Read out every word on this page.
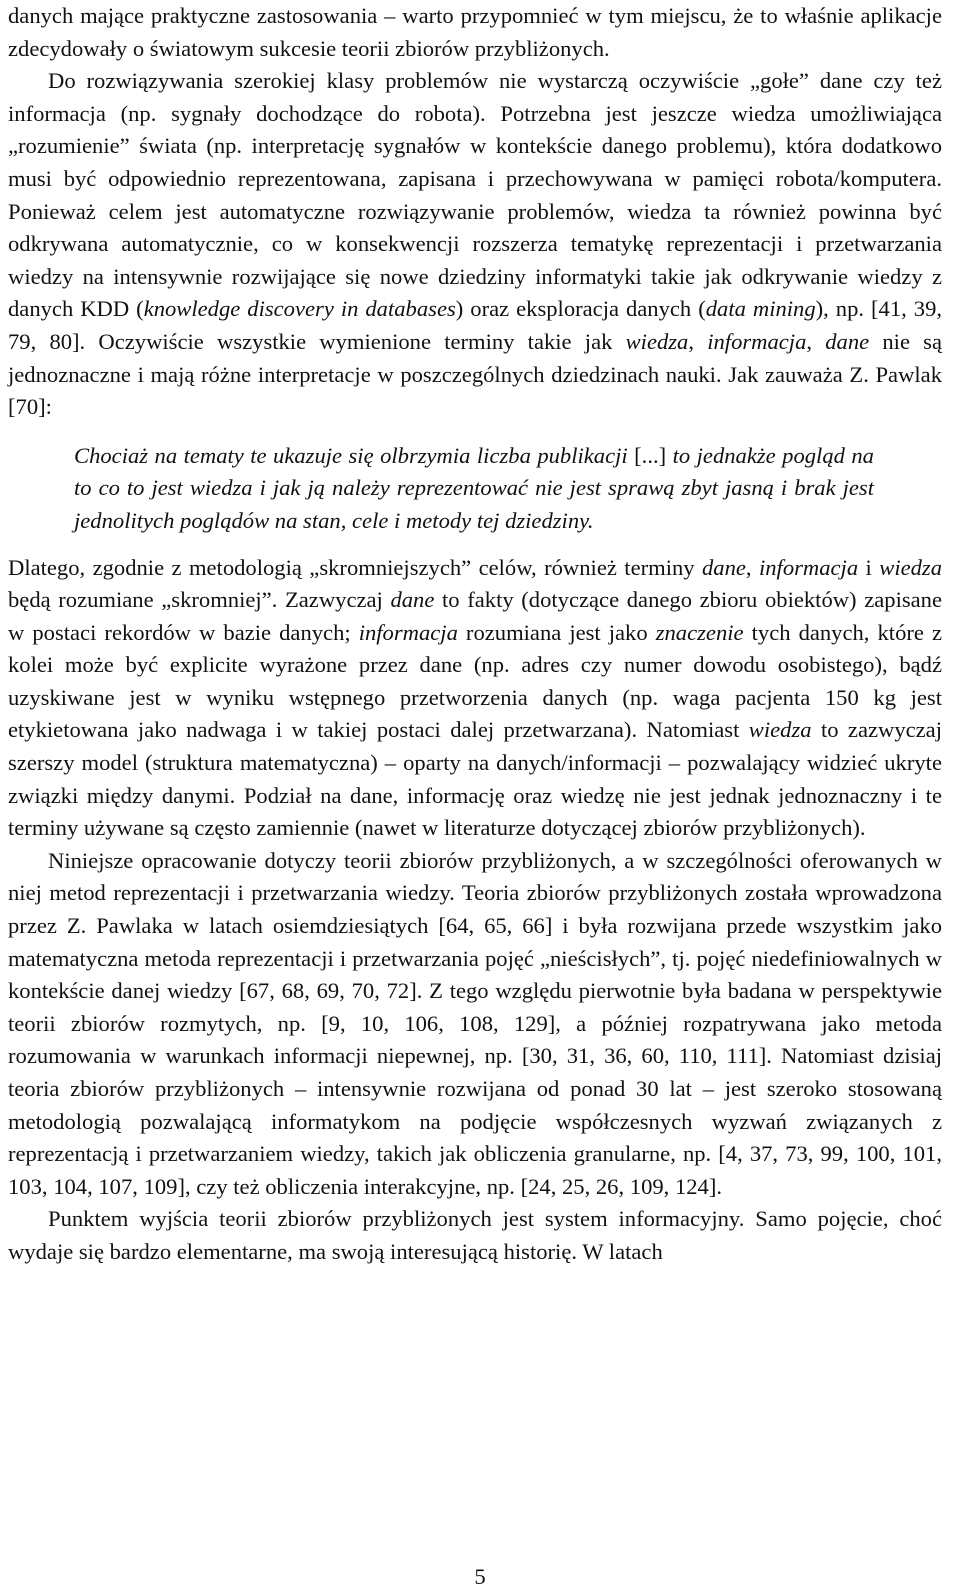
danych mające praktyczne zastosowania – warto przypomnieć w tym miejscu, że to właśnie aplikacje zdecydowały o światowym sukcesie teorii zbiorów przybliżonych.

Do rozwiązywania szerokiej klasy problemów nie wystarczą oczywiście „gołe” dane czy też informacja (np. sygnały dochodzące do robota). Potrzebna jest jeszcze wiedza umożliwiająca „rozumienie” świata (np. interpretację sygnałów w kontekście danego problemu), która dodatkowo musi być odpowiednio reprezentowana, zapisana i przechowywana w pamięci robota/komputera. Ponieważ celem jest automatyczne rozwiązywanie problemów, wiedza ta również powinna być odkrywana automatycznie, co w konsekwencji rozszerza tematykę reprezentacji i przetwarzania wiedzy na intensywnie rozwijające się nowe dziedziny informatyki takie jak odkrywanie wiedzy z danych KDD (knowledge discovery in databases) oraz eksploracja danych (data mining), np. [41, 39, 79, 80]. Oczywiście wszystkie wymienione terminy takie jak wiedza, informacja, dane nie są jednoznaczne i mają różne interpretacje w poszczególnych dziedzinach nauki. Jak zauważa Z. Pawlak [70]:

Chociaż na tematy te ukazuje się olbrzymia liczba publikacji [...] to jednakże pogląd na to co to jest wiedza i jak ją należy reprezentować nie jest sprawą zbyt jasną i brak jest jednolitych poglądów na stan, cele i metody tej dziedziny.

Dlatego, zgodnie z metodologią „skromniejszych” celów, również terminy dane, informacja i wiedza będą rozumiane „skromniej”. Zazwyczaj dane to fakty (dotyczące danego zbioru obiektów) zapisane w postaci rekordów w bazie danych; informacja rozumiana jest jako znaczenie tych danych, które z kolei może być explicite wyrażone przez dane (np. adres czy numer dowodu osobistego), bądź uzyskiwane jest w wyniku wstępnego przetworzenia danych (np. waga pacjenta 150 kg jest etykietowana jako nadwaga i w takiej postaci dalej przetwarzana). Natomiast wiedza to zazwyczaj szerszy model (struktura matematyczna) – oparty na danych/informacji – pozwalający widzieć ukryte związki między danymi. Podział na dane, informację oraz wiedzę nie jest jednak jednoznaczny i te terminy używane są często zamiennie (nawet w literaturze dotyczącej zbiorów przybliżonych).

Niniejsze opracowanie dotyczy teorii zbiorów przybliżonych, a w szczególności oferowanych w niej metod reprezentacji i przetwarzania wiedzy. Teoria zbiorów przybliżonych została wprowadzona przez Z. Pawlaka w latach osiemdziesiątych [64, 65, 66] i była rozwijana przede wszystkim jako matematyczna metoda reprezentacji i przetwarzania pojęć „nieścisłych”, tj. pojęć niedefiniowalnych w kontekście danej wiedzy [67, 68, 69, 70, 72]. Z tego względu pierwotnie była badana w perspektywie teorii zbiorów rozmytych, np. [9, 10, 106, 108, 129], a później rozpatrywana jako metoda rozumowania w warunkach informacji niepewnej, np. [30, 31, 36, 60, 110, 111]. Natomiast dzisiaj teoria zbiorów przybliżonych – intensywnie rozwijana od ponad 30 lat – jest szeroko stosowaną metodologią pozwalającą informatykom na podjęcie współczesnych wyzwań związanych z reprezentacją i przetwarzaniem wiedzy, takich jak obliczenia granularne, np. [4, 37, 73, 99, 100, 101, 103, 104, 107, 109], czy też obliczenia interakcyjne, np. [24, 25, 26, 109, 124].

Punktem wyjścia teorii zbiorów przybliżonych jest system informacyjny. Samo pojęcie, choć wydaje się bardzo elementarne, ma swoją interesującą historię. W latach

5
